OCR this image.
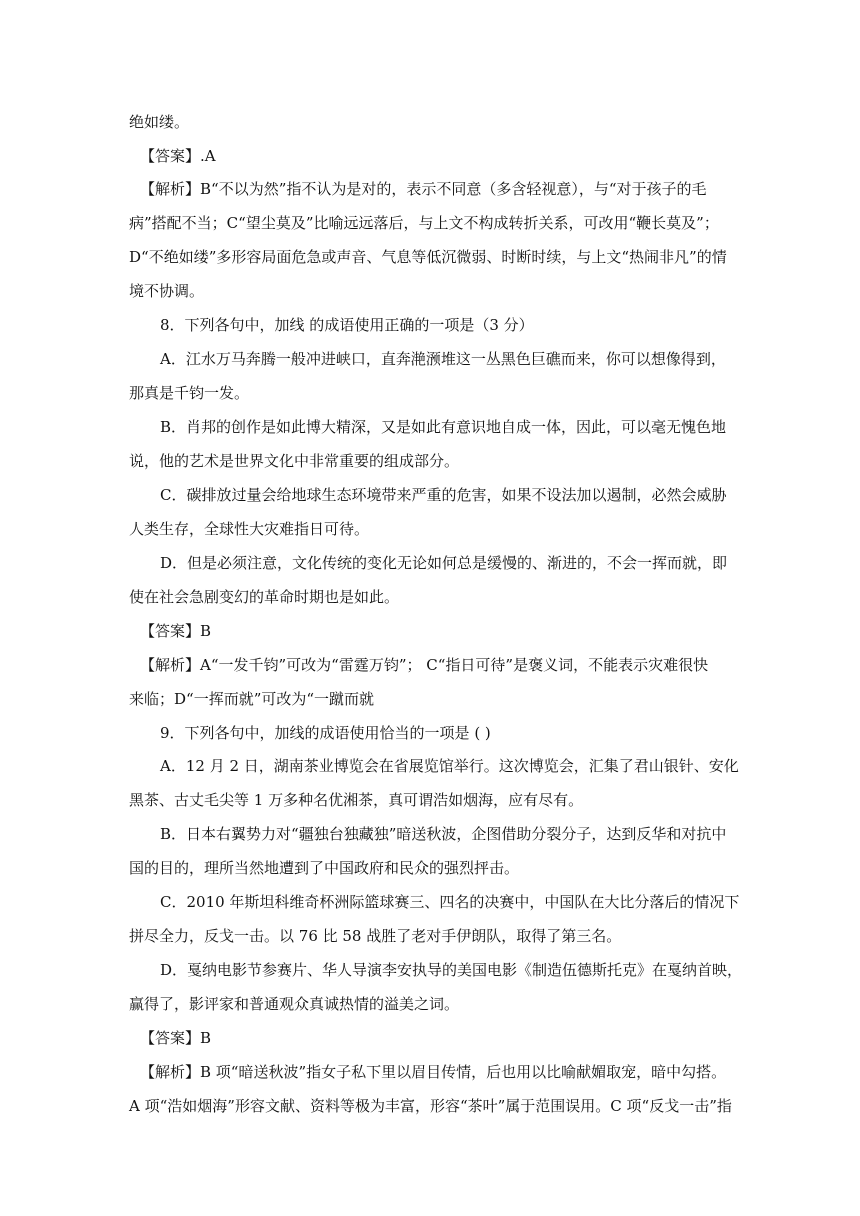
绝如缕。
【答案】.A
【解析】B“不以为然”指不认为是对的，表示不同意（多含轻视意），与“对于孩子的毛
病”搭配不当；C“望尘莫及”比喻远远落后，与上文不构成转折关系，可改用“鞭长莫及”；
D“不绝如缕”多形容局面危急或声音、气息等低沉微弱、时断时续，与上文“热闹非凡”的情
境不协调。
8．下列各句中，加线 的成语使用正确的一项是（3 分）
A．江水万马奔腾一般冲进峡口，直奔滟滪堆这一丛黑色巨礁而来，你可以想像得到，
那真是千钧一发。
B．肖邦的创作是如此博大精深，又是如此有意识地自成一体，因此，可以毫无愧色地
说，他的艺术是世界文化中非常重要的组成部分。
C．碳排放过量会给地球生态环境带来严重的危害，如果不设法加以遏制，必然会威胁
人类生存，全球性大灾难指日可待。
D．但是必须注意，文化传统的变化无论如何总是缓慢的、渐进的，不会一挥而就，即
使在社会急剧变幻的革命时期也是如此。
【答案】B
【解析】A“一发千钧”可改为“雷霆万钧”； C“指日可待”是褒义词，不能表示灾难很快
来临；D“一挥而就”可改为“一蹴而就
9．下列各句中，加线的成语使用恰当的一项是 ( )
A．12 月 2 日，湖南茶业博览会在省展览馆举行。这次博览会，汇集了君山银针、安化
黑茶、古丈毛尖等 1 万多种名优湘茶，真可谓浩如烟海，应有尽有。
B．日本右翼势力对“疆独台独藏独”暗送秋波，企图借助分裂分子，达到反华和对抗中
国的目的，理所当然地遭到了中国政府和民众的强烈抨击。
C．2010 年斯坦科维奇杯洲际篮球赛三、四名的决赛中，中国队在大比分落后的情况下
拼尽全力，反戈一击。以 76 比 58 战胜了老对手伊朗队，取得了第三名。
D．戛纳电影节参赛片、华人导演李安执导的美国电影《制造伍德斯托克》在戛纳首映，
赢得了，影评家和普通观众真诚热情的溢美之词。
【答案】B
【解析】B 项“暗送秋波”指女子私下里以眉目传情，后也用以比喻献媚取宠，暗中勾搭。
A 项“浩如烟海”形容文献、资料等极为丰富，形容“茶叶”属于范围误用。C 项“反戈一击”指
